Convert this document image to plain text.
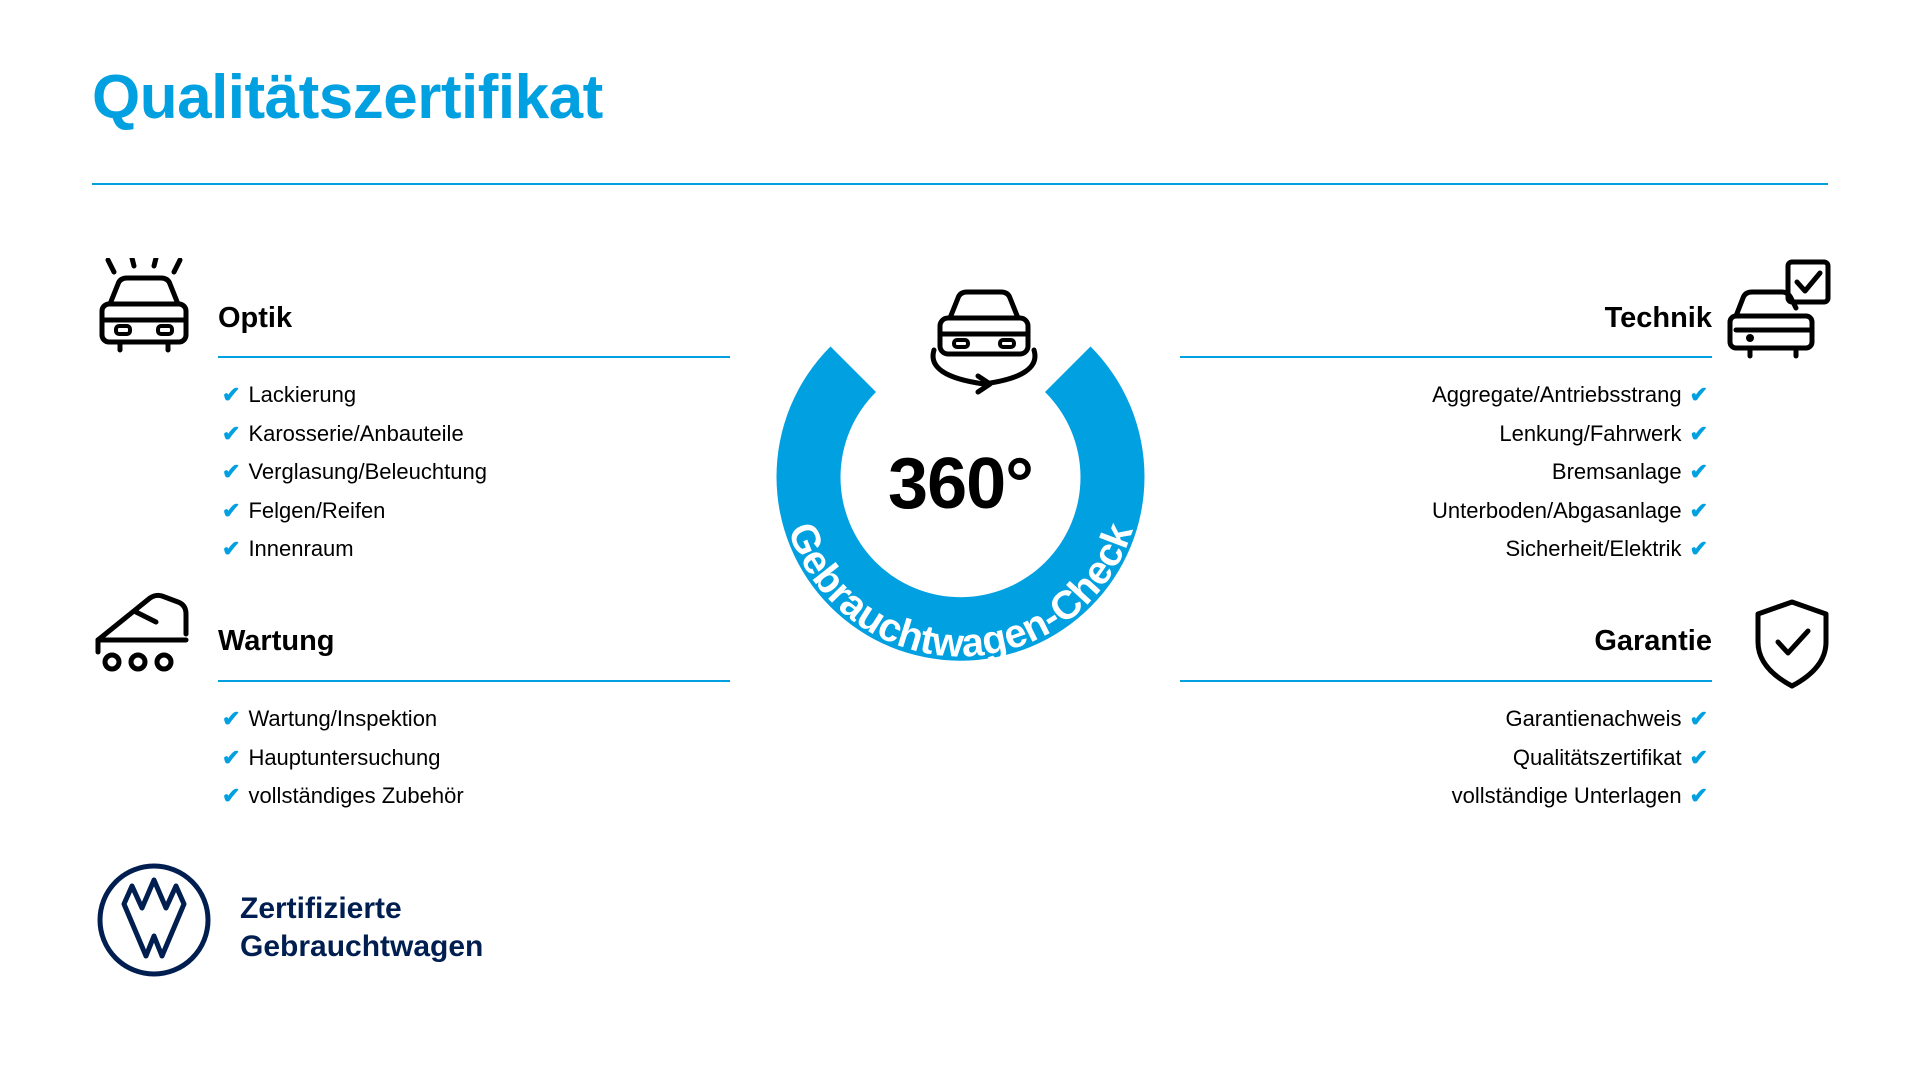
Qualitätszertifikat
Optik
✔ Lackierung
✔ Karosserie/Anbauteile
✔ Verglasung/Beleuchtung
✔ Felgen/Reifen
✔ Innenraum
Wartung
✔ Wartung/Inspektion
✔ Hauptuntersuchung
✔ vollständiges Zubehör
Technik
Aggregate/Antriebsstrang ✔
Lenkung/Fahrwerk ✔
Bremsanlage ✔
Unterboden/Abgasanlage ✔
Sicherheit/Elektrik ✔
Garantie
Garantienachweis ✔
Qualitätszertifikat ✔
vollständige Unterlagen ✔
Gebrauchtwagen-Check
360°
Zertifizierte
Gebrauchtwagen
